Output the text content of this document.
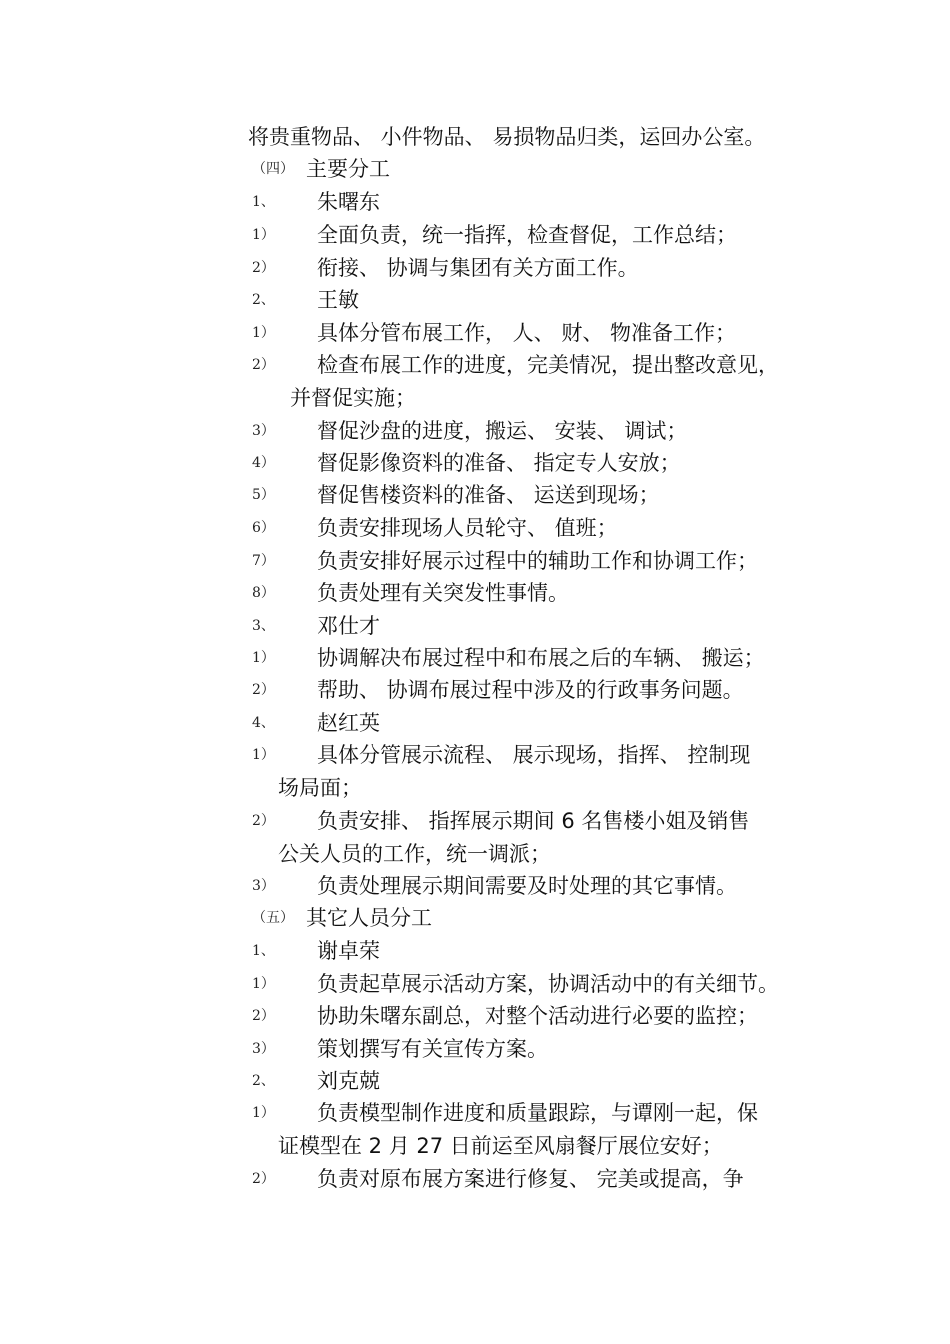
将贵重物品、 小件物品、 易损物品归类，运回办公室。
（四） 主要分工
1、 朱曙东
1） 全面负责，统一指挥，检查督促，工作总结；
2） 衔接、 协调与集团有关方面工作。
2、 王敏
1） 具体分管布展工作， 人、 财、 物准备工作；
2） 检查布展工作的进度，完美情况，提出整改意见，
并督促实施；
3） 督促沙盘的进度，搬运、 安装、 调试；
4） 督促影像资料的准备、 指定专人安放；
5） 督促售楼资料的准备、 运送到现场；
6） 负责安排现场人员轮守、 值班；
7） 负责安排好展示过程中的辅助工作和协调工作；
8） 负责处理有关突发性事情。
3、 邓仕才
1） 协调解决布展过程中和布展之后的车辆、 搬运；
2） 帮助、 协调布展过程中涉及的行政事务问题。
4、 赵红英
1） 具体分管展示流程、 展示现场，指挥、 控制现
场局面；
2） 负责安排、 指挥展示期间 6 名售楼小姐及销售
公关人员的工作，统一调派；
3） 负责处理展示期间需要及时处理的其它事情。
（五） 其它人员分工
1、 谢卓荣
1） 负责起草展示活动方案，协调活动中的有关细节。
2） 协助朱曙东副总，对整个活动进行必要的监控；
3） 策划撰写有关宣传方案。
2、 刘克兢
1） 负责模型制作进度和质量跟踪，与谭刚一起，保
证模型在 2 月 27 日前运至风扇餐厅展位安好；
2） 负责对原布展方案进行修复、 完美或提高，争
